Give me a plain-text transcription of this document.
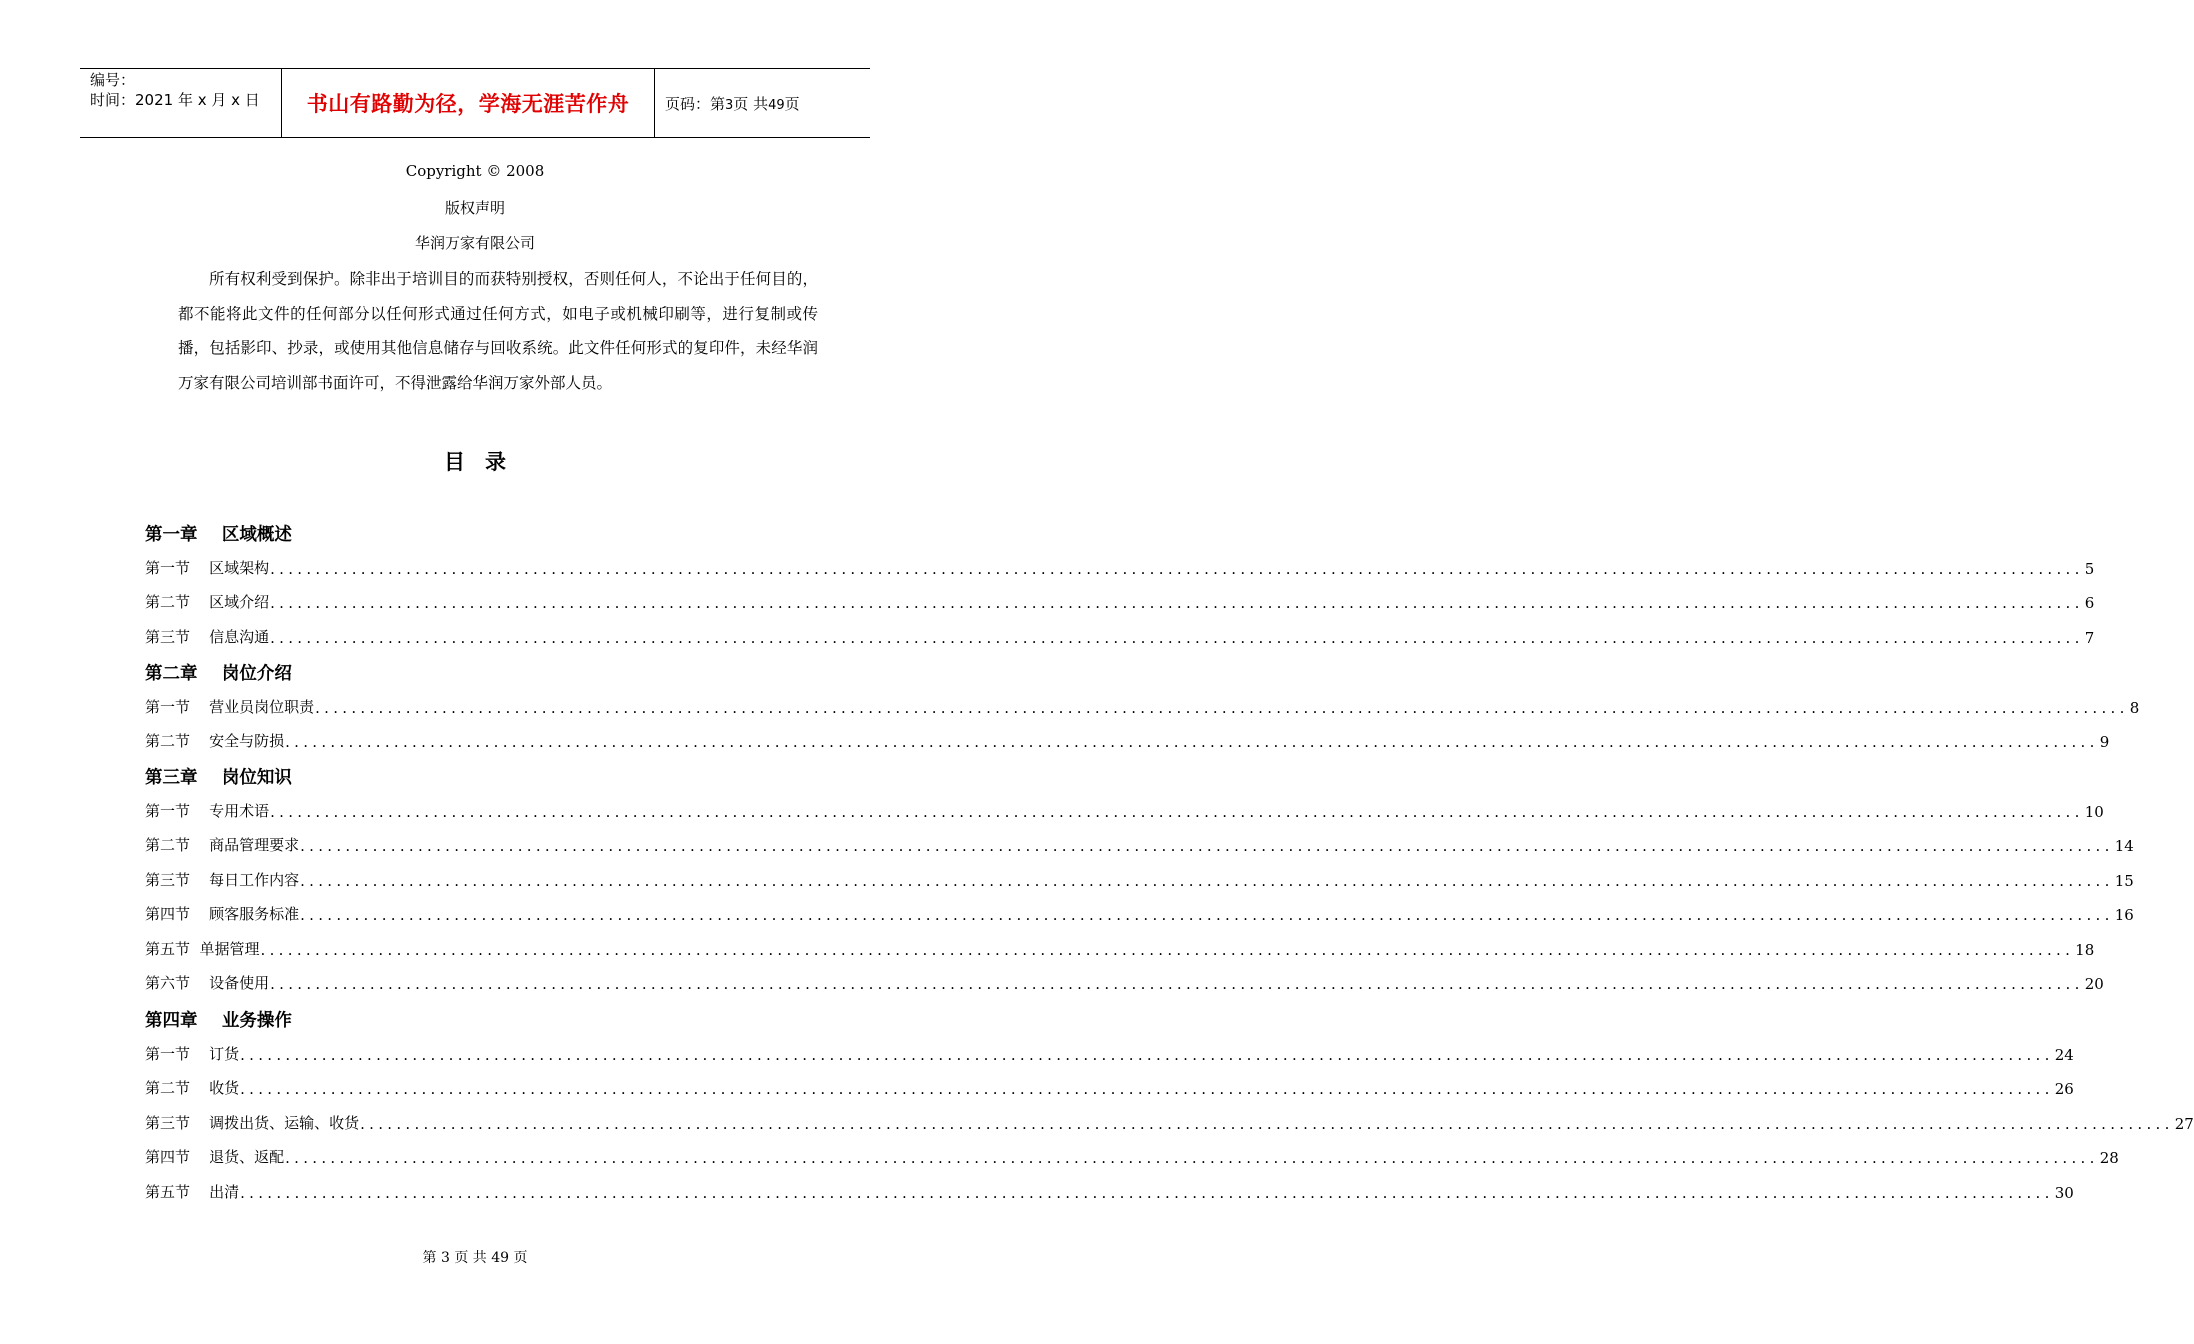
编号：
时间：2021 年 x 月 x 日 书山有路勤为径，学海无涯苦作舟 页码：第3页 共49页
Copyright © 2008
版权声明
华润万家有限公司

所有权利受到保护。除非出于培训目的而获特别授权，否则任何人，不论出于任何目的，都不能将此文件的任何部分以任何形式通过任何方式，如电子或机械印刷等，进行复制或传播，包括影印、抄录，或使用其他信息储存与回收系统。此文件任何形式的复印件，未经华润万家有限公司培训部书面许可，不得泄露给华润万家外部人员。

目录
第一章    区域概述
第一节    区域架构 ........................................................................................................................................................................................................ 5
第二节    区域介绍 ........................................................................................................................................................................................................ 6
第三节    信息沟通 ........................................................................................................................................................................................................ 7
第二章    岗位介绍
第一节    营业员岗位职责 ........................................................................................................................................................................................................ 8
第二节    安全与防损 ........................................................................................................................................................................................................ 9
第三章    岗位知识
第一节    专用术语 ........................................................................................................................................................................................................ 10
第二节    商品管理要求 ........................................................................................................................................................................................................ 14
第三节    每日工作内容 ........................................................................................................................................................................................................ 15
第四节    顾客服务标准 ........................................................................................................................................................................................................ 16
第五节  单据管理 ........................................................................................................................................................................................................ 18
第六节    设备使用 ........................................................................................................................................................................................................ 20
第四章    业务操作
第一节    订货 ........................................................................................................................................................................................................ 24
第二节    收货 ........................................................................................................................................................................................................ 26
第三节    调拨出货、运输、收货 ........................................................................................................................................................................................................ 27
第四节    退货、返配 ........................................................................................................................................................................................................ 28
第五节    出清 ........................................................................................................................................................................................................ 30
第 3 页 共 49 页
